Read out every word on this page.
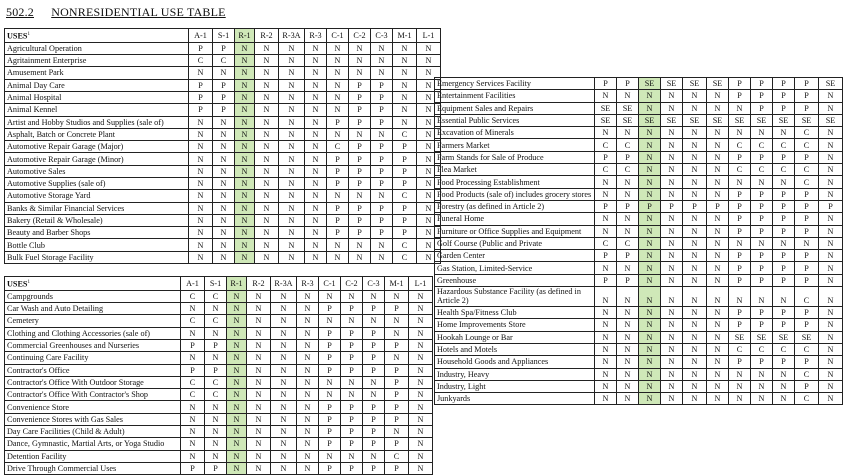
502.2 NONRESIDENTIAL USE TABLE
USES$^1$	A-1	S-1	R-1	R-2	R-3A	R-3	C-1	C-2	C-3	M-1	L-1
Agricultural Operation	P	P	N	N	N	N	N	N	N	N	N
Agritainment Enterprise	C	C	N	N	N	N	N	N	N	N	N
Amusement Park	N	N	N	N	N	N	N	N	N	N	N
Animal Day Care	P	P	N	N	N	N	N	P	P	N	N
Animal Hospital	P	P	N	N	N	N	N	P	P	N	N
Animal Kennel	P	P	N	N	N	N	N	P	P	N	N
Artist and Hobby Studios and Supplies (sale of)	N	N	N	N	N	N	P	P	P	N	N
Asphalt, Batch or Concrete Plant	N	N	N	N	N	N	N	N	N	C	N
Automotive Repair Garage (Major)	N	N	N	N	N	N	C	P	P	P	N
Automotive Repair Garage (Minor)	N	N	N	N	N	N	P	P	P	P	N
Automotive Sales	N	N	N	N	N	N	P	P	P	P	N
Automotive Supplies (sale of)	N	N	N	N	N	N	P	P	P	P	N
Automotive Storage Yard	N	N	N	N	N	N	N	N	N	C	N
Banks & Similar Financial Services	N	N	N	N	N	N	P	P	P	P	N
Bakery (Retail & Wholesale)	N	N	N	N	N	N	P	P	P	P	N
Beauty and Barber Shops	N	N	N	N	N	N	P	P	P	P	N
Bottle Club	N	N	N	N	N	N	N	N	N	C	N
Bulk Fuel Storage Facility	N	N	N	N	N	N	N	N	N	C	N
USES$^1$	A-1	S-1	R-1	R-2	R-3A	R-3	C-1	C-2	C-3	M-1	L-1
Campgrounds	C	C	N	N	N	N	N	N	N	N	N
Car Wash and Auto Detailing	N	N	N	N	N	N	P	P	P	P	N
Cemetery	C	C	N	N	N	N	N	N	N	N	N
Clothing and Clothing Accessories (sale of)	N	N	N	N	N	N	P	P	P	N	N
Commercial Greenhouses and Nurseries	P	P	N	N	N	N	P	P	P	P	N
Continuing Care Facility	N	N	N	N	N	N	P	P	P	N	N
Contractor's Office	P	P	N	N	N	N	P	P	P	P	N
Contractor's Office With Outdoor Storage	C	C	N	N	N	N	N	N	N	P	N
Contractor's Office With Contractor's Shop	C	C	N	N	N	N	N	N	N	P	N
Convenience Store	N	N	N	N	N	N	P	P	P	P	N
Convenience Stores with Gas Sales	N	N	N	N	N	N	P	P	P	P	N
Day Care Facilities (Child & Adult)	N	N	N	N	N	N	P	P	P	N	N
Dance, Gymnastic, Martial Arts, or Yoga Studio	N	N	N	N	N	N	P	P	P	P	N
Detention Facility	N	N	N	N	N	N	N	N	N	C	N
Drive Through Commercial Uses	P	P	N	N	N	N	P	P	P	P	N
Emergency Services Facility	P	P	SE	SE	SE	SE	P	P	P	P	SE
Entertainment Facilities	N	N	N	N	N	N	P	P	P	P	N
Equipment Sales and Repairs	SE	SE	N	N	N	N	N	P	P	P	N
Essential Public Services	SE	SE	SE	SE	SE	SE	SE	SE	SE	SE	SE
Excavation of Minerals	N	N	N	N	N	N	N	N	N	C	N
Farmers Market	C	C	N	N	N	N	C	C	C	C	N
Farm Stands for Sale of Produce	P	P	N	N	N	N	P	P	P	P	N
Flea Market	C	C	N	N	N	N	C	C	C	C	N
Food Processing Establishment	N	N	N	N	N	N	N	N	N	C	N
Food Products (sale of) includes grocery stores	N	N	N	N	N	N	P	P	P	P	N
Forestry (as defined in Article 2)	P	P	P	P	P	P	P	P	P	P	P
Funeral Home	N	N	N	N	N	N	P	P	P	P	N
Furniture or Office Supplies and Equipment	N	N	N	N	N	N	P	P	P	P	N
Golf Course (Public and Private	C	C	N	N	N	N	N	N	N	N	N
Garden Center	P	P	N	N	N	N	P	P	P	P	N
Gas Station, Limited-Service	N	N	N	N	N	N	P	P	P	P	N
Greenhouse	P	P	N	N	N	N	P	P	P	P	N
Hazardous Substance Facility (as defined in Article 2)	N	N	N	N	N	N	N	N	N	C	N
Health Spa/Fitness Club	N	N	N	N	N	N	P	P	P	P	N
Home Improvements Store	N	N	N	N	N	N	P	P	P	P	N
Hookah Lounge or Bar	N	N	N	N	N	N	SE	SE	SE	SE	N
Hotels and Motels	N	N	N	N	N	N	C	C	C	C	N
Household Goods and Appliances	N	N	N	N	N	N	P	P	P	P	N
Industry, Heavy	N	N	N	N	N	N	N	N	N	C	N
Industry, Light	N	N	N	N	N	N	N	N	N	P	N
Junkyards	N	N	N	N	N	N	N	N	N	C	N
